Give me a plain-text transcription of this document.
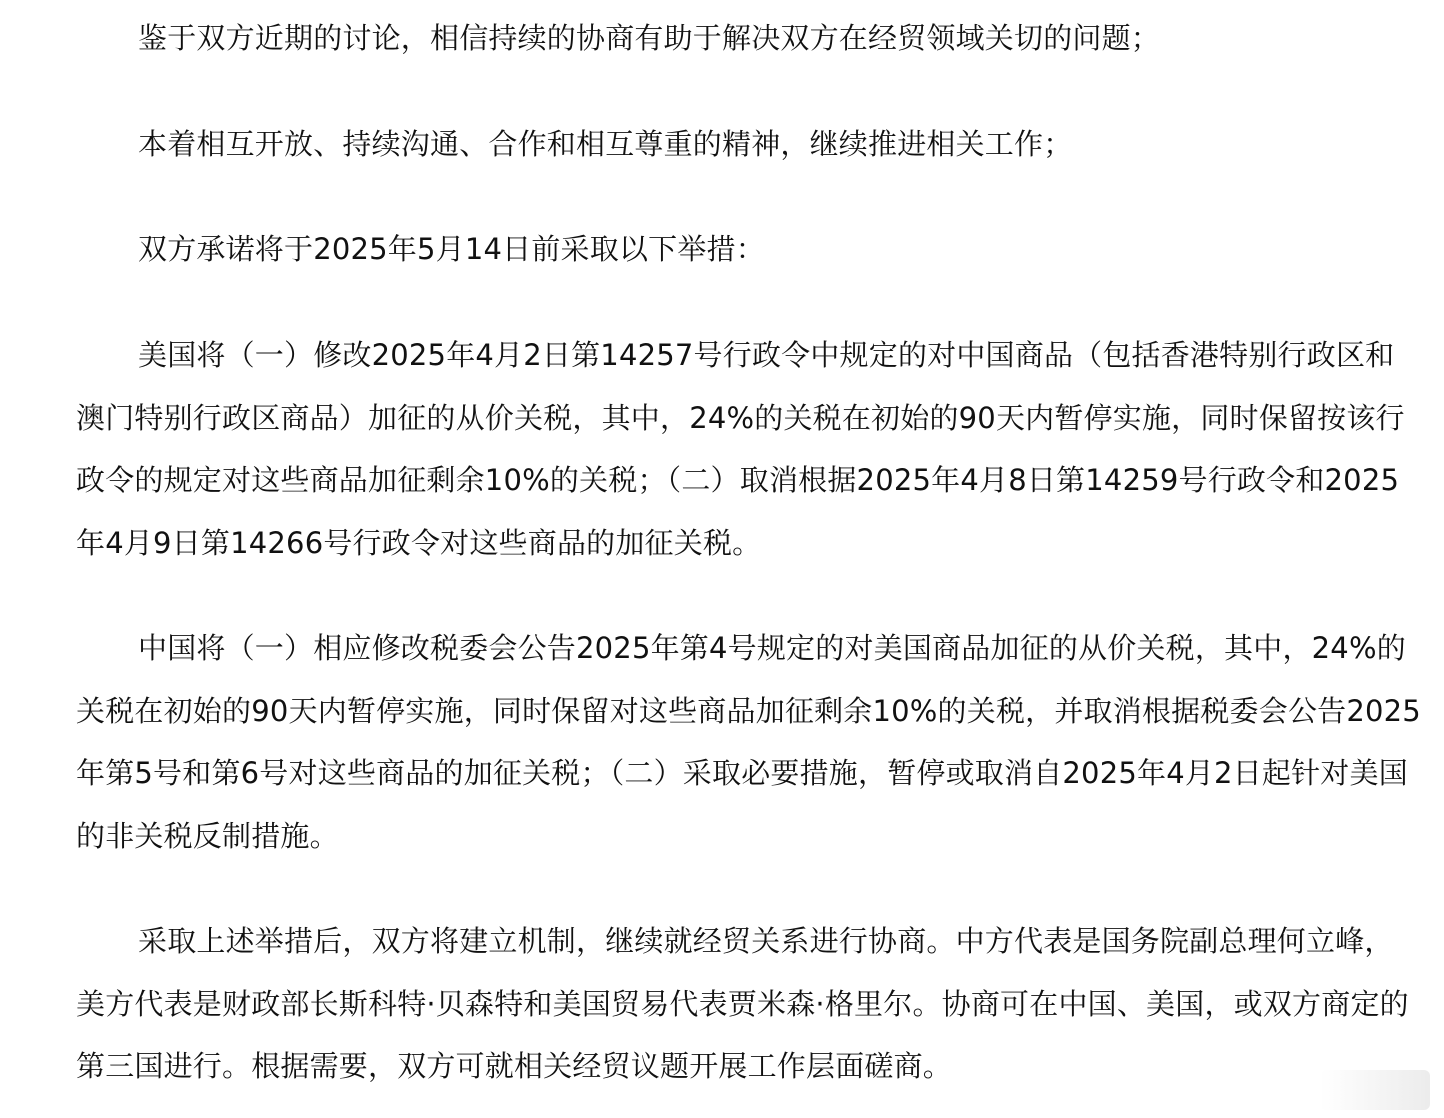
鉴于双方近期的讨论，相信持续的协商有助于解决双方在经贸领域关切的问题；

本着相互开放、持续沟通、合作和相互尊重的精神，继续推进相关工作；

双方承诺将于2025年5月14日前采取以下举措：

美国将（一）修改2025年4月2日第14257号行政令中规定的对中国商品（包括香港特别行政区和澳门特别行政区商品）加征的从价关税，其中，24%的关税在初始的90天内暂停实施，同时保留按该行政令的规定对这些商品加征剩余10%的关税；（二）取消根据2025年4月8日第14259号行政令和2025年4月9日第14266号行政令对这些商品的加征关税。

中国将（一）相应修改税委会公告2025年第4号规定的对美国商品加征的从价关税，其中，24%的关税在初始的90天内暂停实施，同时保留对这些商品加征剩余10%的关税，并取消根据税委会公告2025年第5号和第6号对这些商品的加征关税；（二）采取必要措施，暂停或取消自2025年4月2日起针对美国的非关税反制措施。

采取上述举措后，双方将建立机制，继续就经贸关系进行协商。中方代表是国务院副总理何立峰，美方代表是财政部长斯科特·贝森特和美国贸易代表贾米森·格里尔。协商可在中国、美国，或双方商定的第三国进行。根据需要，双方可就相关经贸议题开展工作层面磋商。
